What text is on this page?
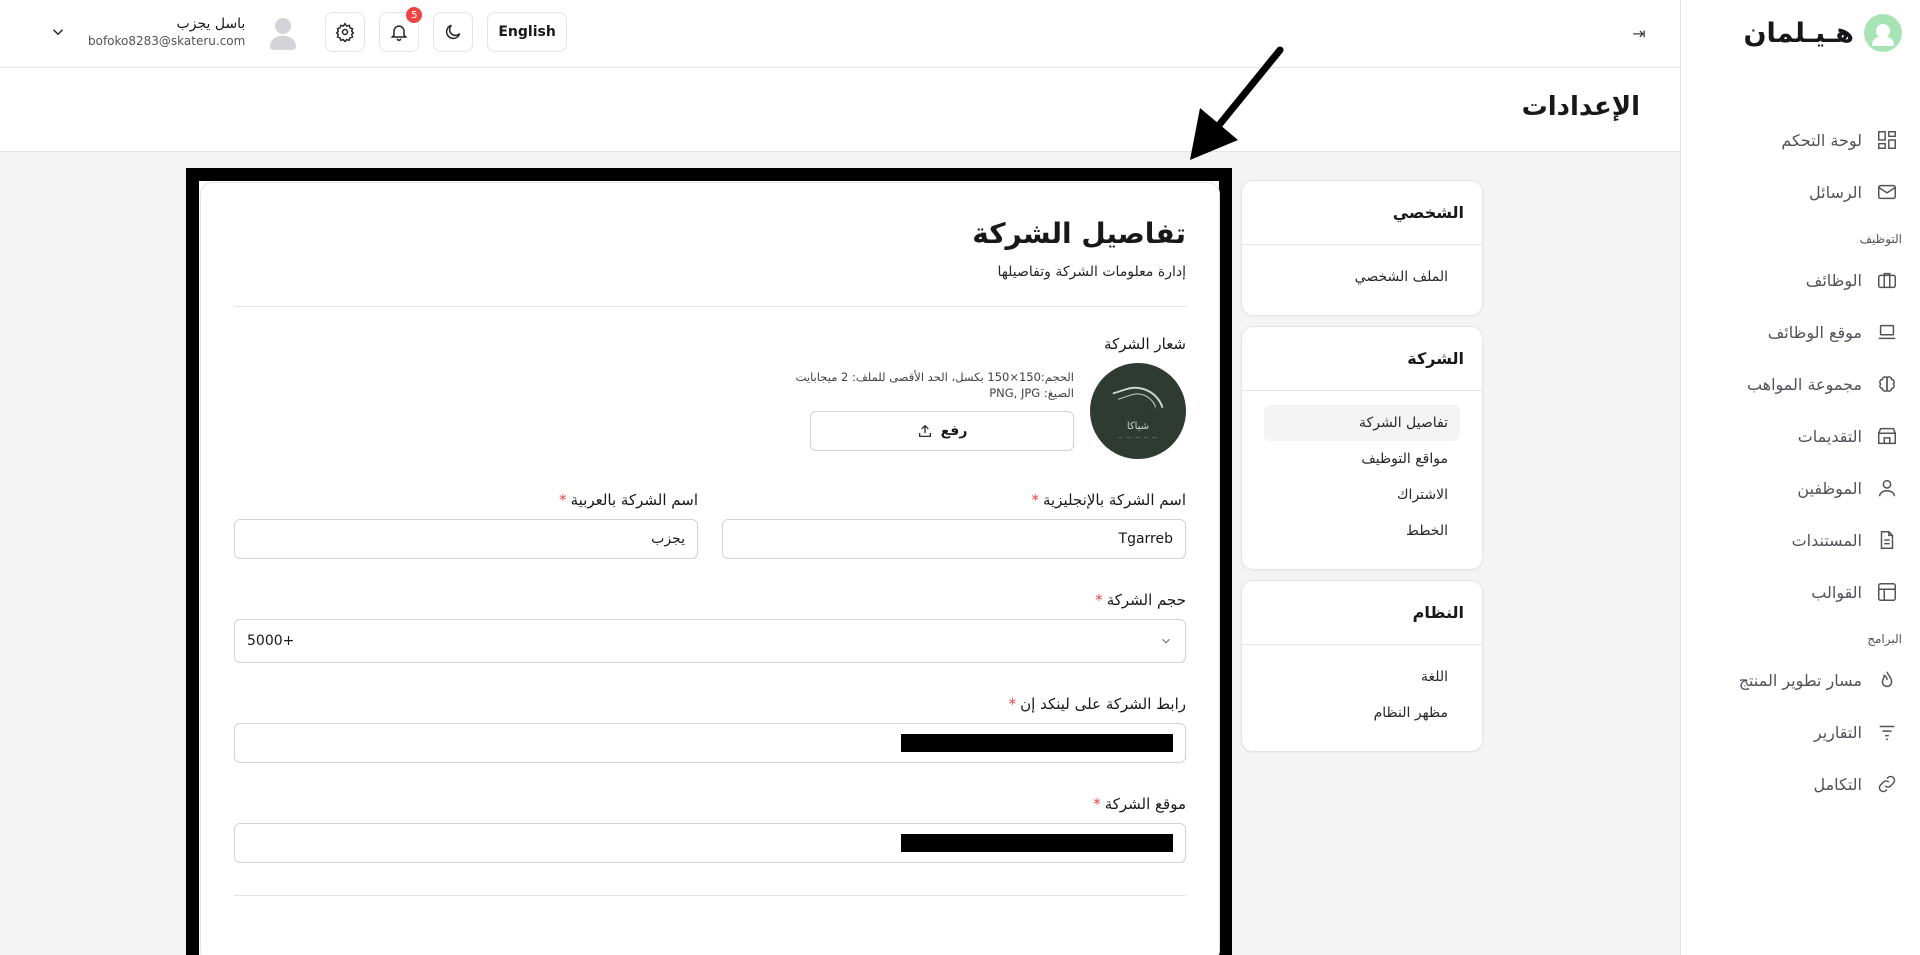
هـيـلمان
لوحة التحكم
الرسائل
التوظيف
الوظائف
موقع الوظائف
مجموعة المواهب
التقديمات
الموظفين
المستندات
القوالب
البرامج
مسار تطوير المنتج
التقارير
التكامل
⇥
باسل يجزب
bofoko8283@skateru.com
5
English
الإعدادات
الشخصي
الملف الشخصي
الشركة
تفاصيل الشركة
مواقع التوظيف
الاشتراك
الخطط
النظام
اللغة
مظهر النظام
تفاصيل الشركة

إدارة معلومات الشركة وتفاصيلها

شعار الشركة
شياكا
— — — — —
الحجم:150×150 بكسل، الحد الأقصى للملف: 2 ميجابايت
الصيغ: PNG, JPG
رفع
اسم الشركة بالإنجليزية*
Tgarreb
اسم الشركة بالعربية*
يجزب
حجم الشركة*
5000+
رابط الشركة على لينكد إن*
موقع الشركة*
